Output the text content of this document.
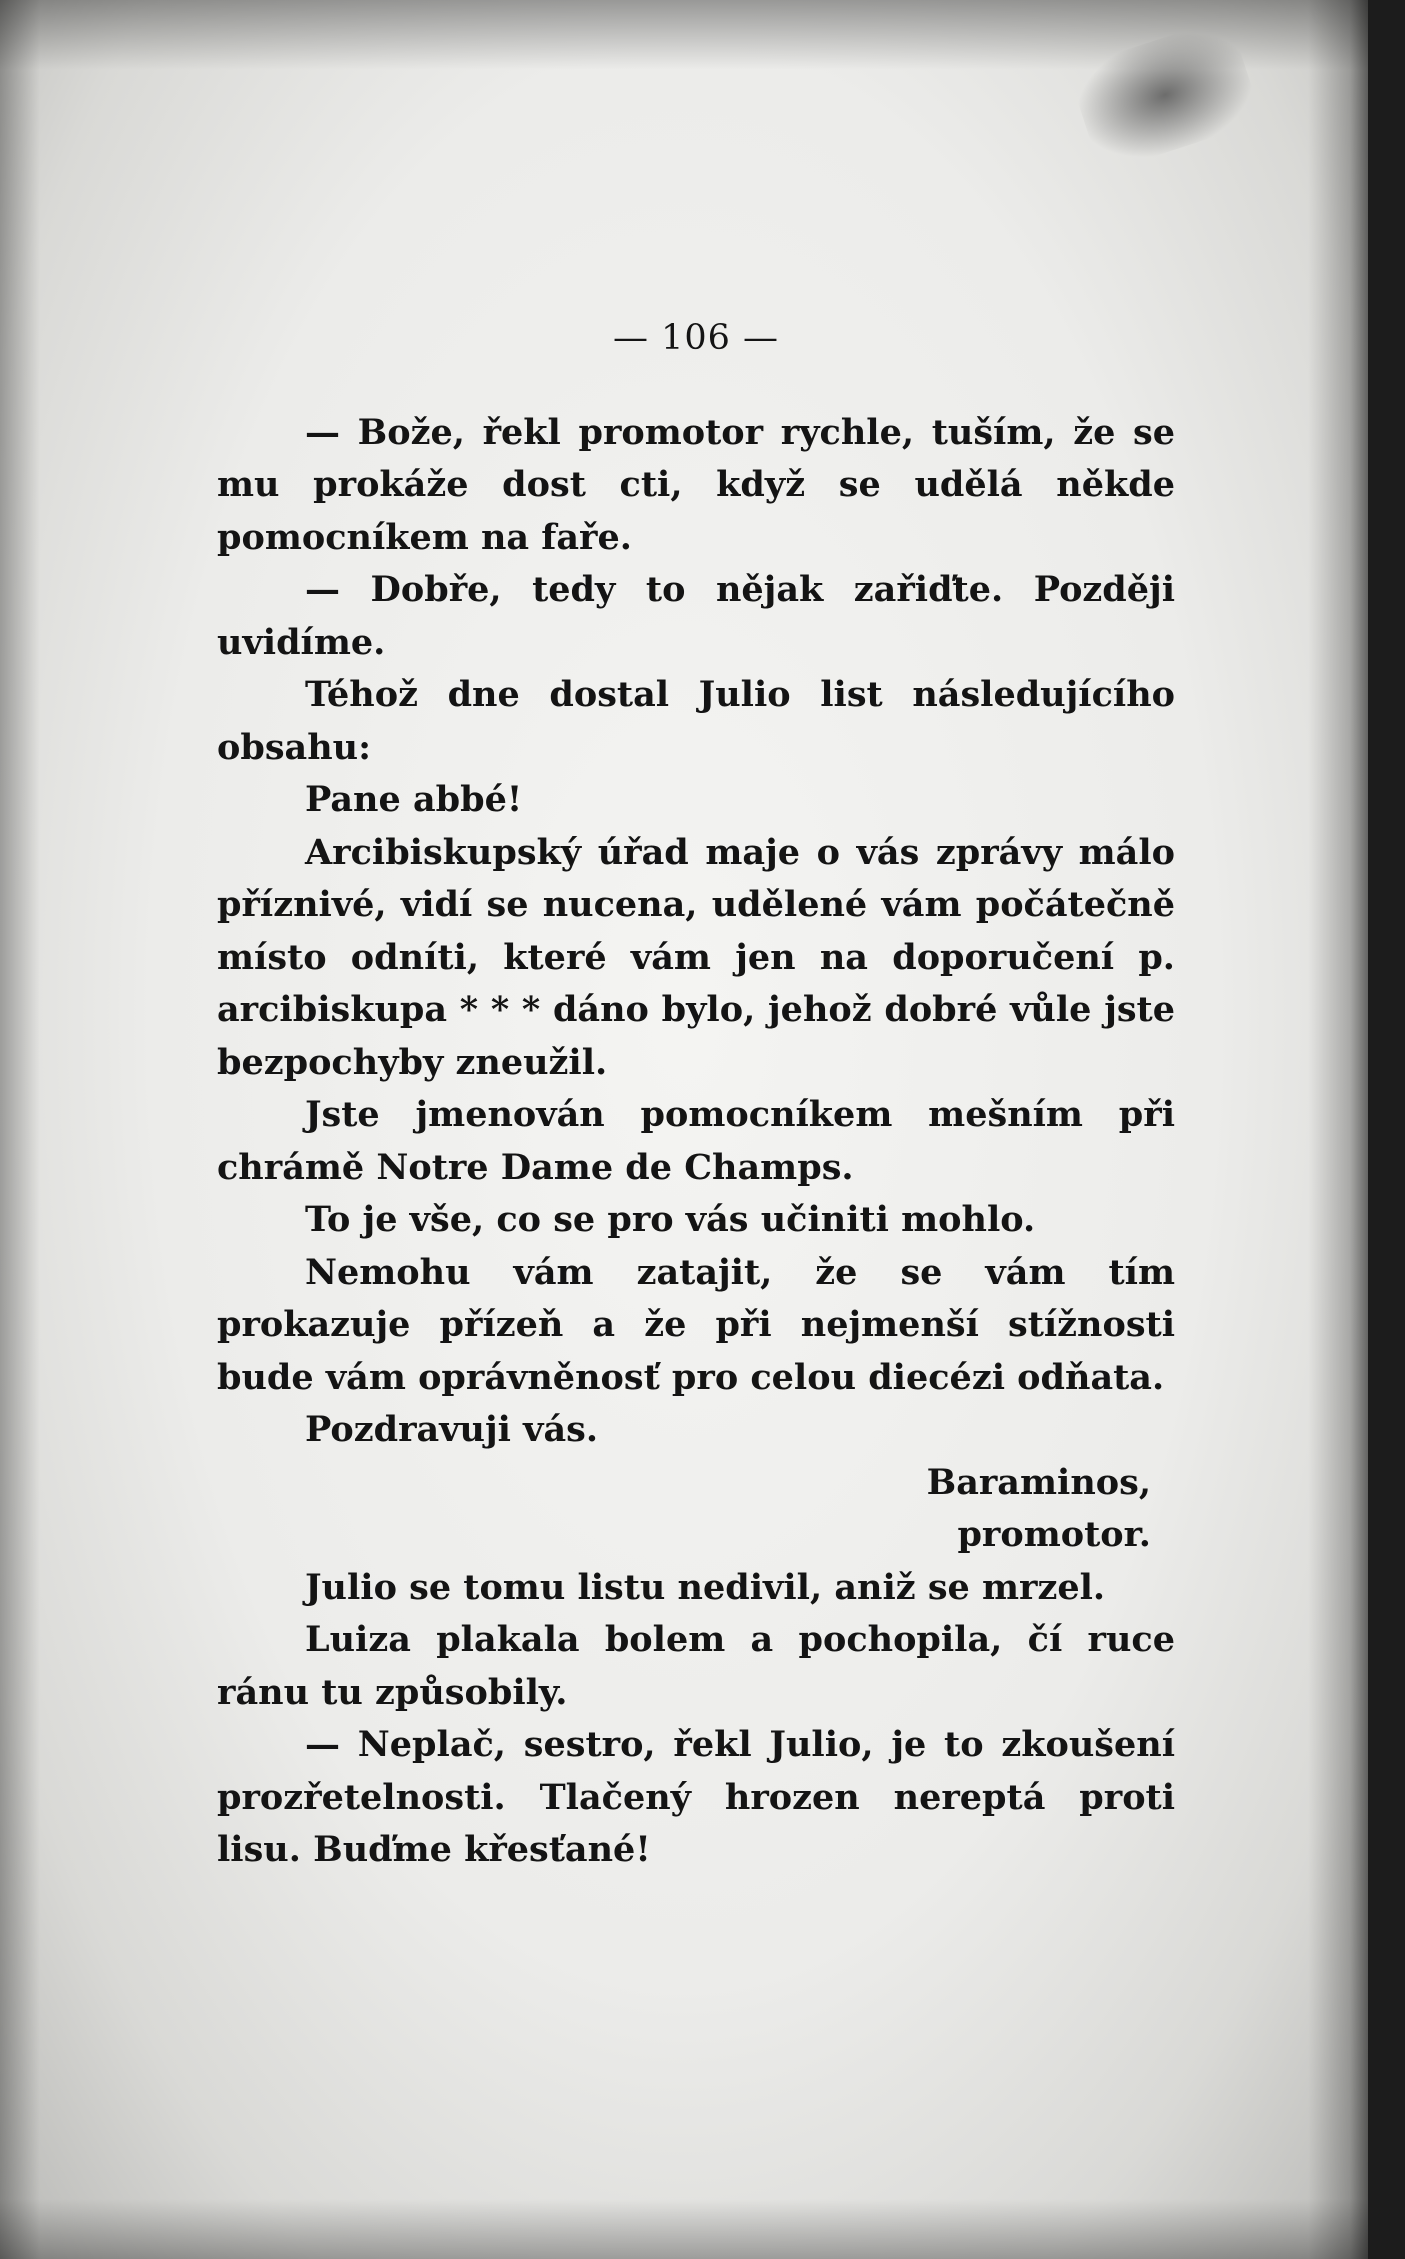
— 106 —

— Bože, řekl promotor rychle, tuším, že se mu prokáže dost cti, když se udělá někde pomocníkem na faře.

— Dobře, tedy to nějak zařiďte. Později uvidíme.

Téhož dne dostal Julio list následujícího obsahu:

Pane abbé!

Arcibiskupský úřad maje o vás zprávy málo příznivé, vidí se nucena, udělené vám počátečně místo odníti, které vám jen na doporučení p. arcibiskupa * * * dáno bylo, jehož dobré vůle jste bezpochyby zneužil.

Jste jmenován pomocníkem mešním při chrámě Notre Dame de Champs.

To je vše, co se pro vás učiniti mohlo.

Nemohu vám zatajit, že se vám tím prokazuje přízeň a že při nejmenší stížnosti bude vám oprávněnosť pro celou diecézi odňata.

Pozdravuji vás.

Baraminos,
promotor.

Julio se tomu listu nedivil, aniž se mrzel.

Luiza plakala bolem a pochopila, čí ruce ránu tu způsobily.

— Neplač, sestro, řekl Julio, je to zkoušení prozřetelnosti. Tlačený hrozen nereptá proti lisu. Buďme křesťané!
